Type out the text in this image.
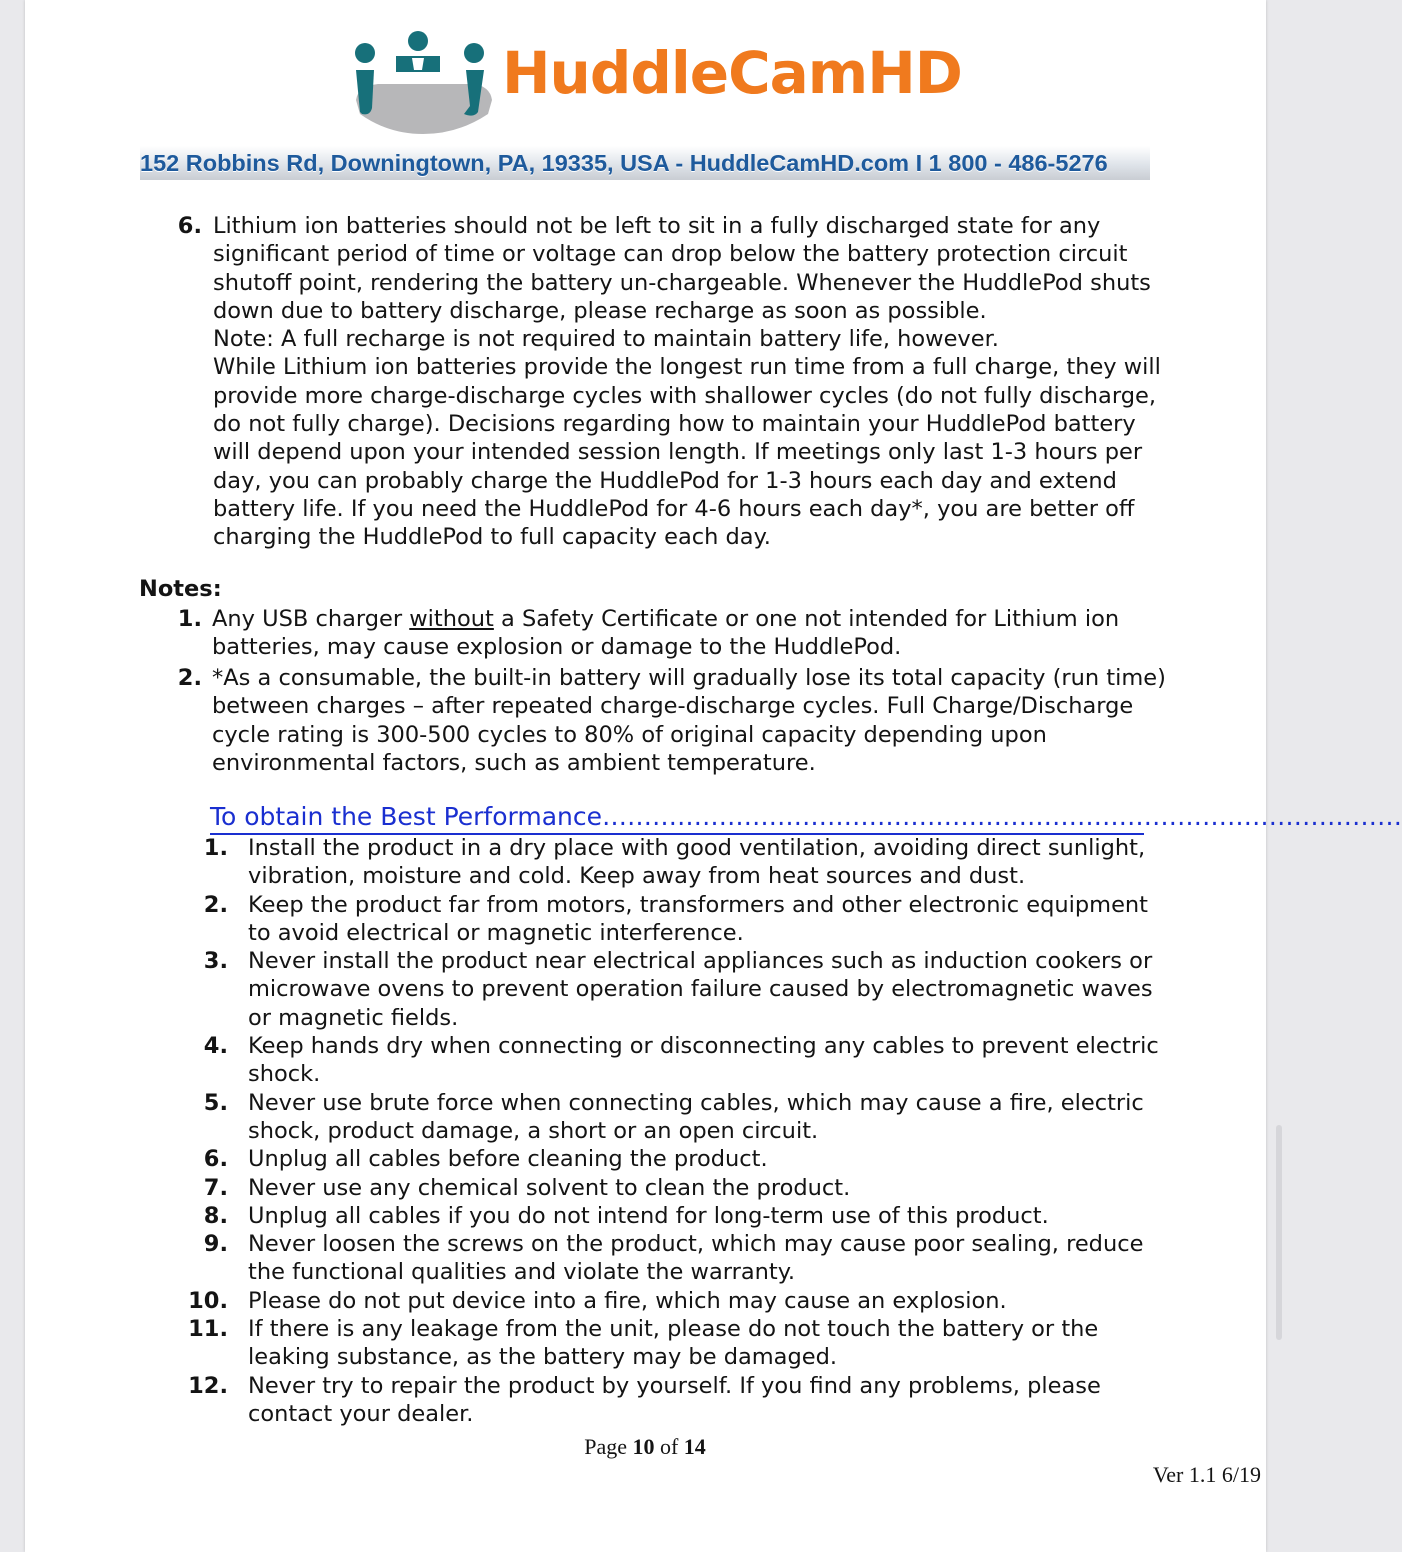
HuddleCamHD
152 Robbins Rd, Downingtown, PA, 19335, USA - HuddleCamHD.com I 1 800 - 486-5276
6. Lithium ion batteries should not be left to sit in a fully discharged state for any
significant period of time or voltage can drop below the battery protection circuit
shutoff point, rendering the battery un-chargeable. Whenever the HuddlePod shuts
down due to battery discharge, please recharge as soon as possible.
Note: A full recharge is not required to maintain battery life, however.
While Lithium ion batteries provide the longest run time from a full charge, they will
provide more charge-discharge cycles with shallower cycles (do not fully discharge,
do not fully charge). Decisions regarding how to maintain your HuddlePod battery
will depend upon your intended session length. If meetings only last 1-3 hours per
day, you can probably charge the HuddlePod for 1-3 hours each day and extend
battery life. If you need the HuddlePod for 4-6 hours each day*, you are better off
charging the HuddlePod to full capacity each day.
Notes:
1. Any USB charger without a Safety Certificate or one not intended for Lithium ion
batteries, may cause explosion or damage to the HuddlePod.
2. *As a consumable, the built-in battery will gradually lose its total capacity (run time)
between charges – after repeated charge-discharge cycles. Full Charge/Discharge
cycle rating is 300-500 cycles to 80% of original capacity depending upon
environmental factors, such as ambient temperature.
To obtain the Best Performance……………………………………………………………………………………
1. Install the product in a dry place with good ventilation, avoiding direct sunlight,
vibration, moisture and cold. Keep away from heat sources and dust.
2. Keep the product far from motors, transformers and other electronic equipment
to avoid electrical or magnetic interference.
3. Never install the product near electrical appliances such as induction cookers or
microwave ovens to prevent operation failure caused by electromagnetic waves
or magnetic fields.
4. Keep hands dry when connecting or disconnecting any cables to prevent electric
shock.
5. Never use brute force when connecting cables, which may cause a fire, electric
shock, product damage, a short or an open circuit.
6. Unplug all cables before cleaning the product.
7. Never use any chemical solvent to clean the product.
8. Unplug all cables if you do not intend for long-term use of this product.
9. Never loosen the screws on the product, which may cause poor sealing, reduce
the functional qualities and violate the warranty.
10. Please do not put device into a fire, which may cause an explosion.
11. If there is any leakage from the unit, please do not touch the battery or the
leaking substance, as the battery may be damaged.
12. Never try to repair the product by yourself. If you find any problems, please
contact your dealer.
Page 10 of 14
Ver 1.1 6/19
